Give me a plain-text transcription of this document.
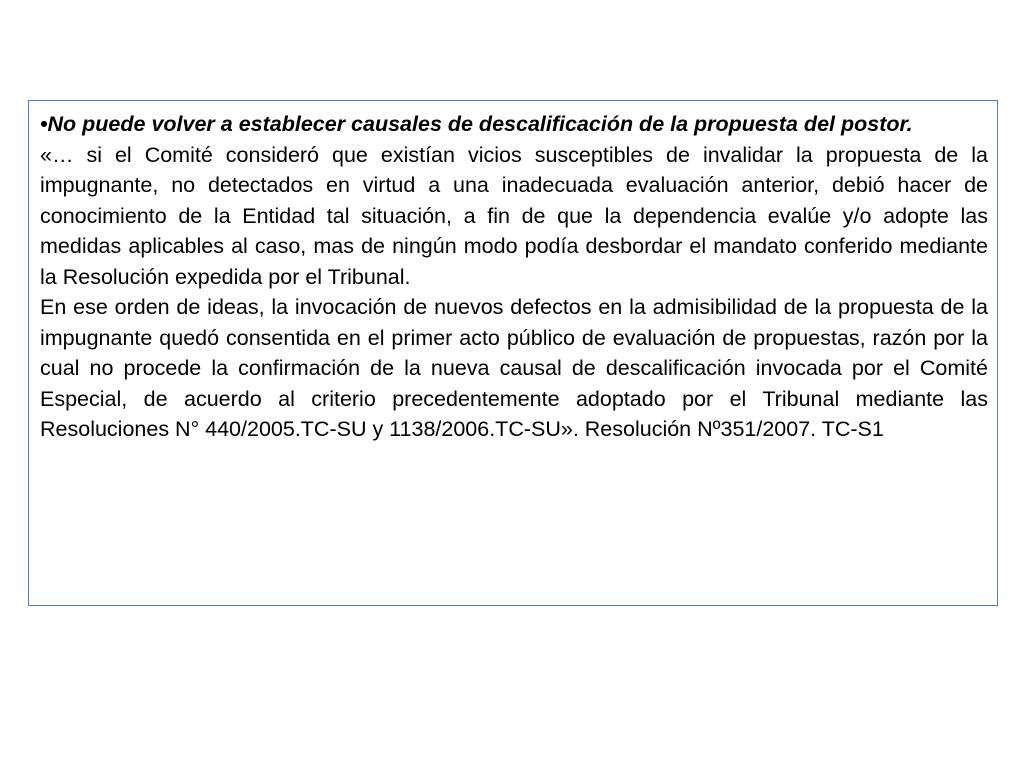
•No puede volver a establecer causales de descalificación de la propuesta del postor.

«… si el Comité consideró que existían vicios susceptibles de invalidar la propuesta de la impugnante, no detectados en virtud a una inadecuada evaluación anterior, debió hacer de conocimiento de la Entidad tal situación, a fin de que la dependencia evalúe y/o adopte las medidas aplicables al caso, mas de ningún modo podía desbordar el mandato conferido mediante la Resolución expedida por el Tribunal.

En ese orden de ideas, la invocación de nuevos defectos en la admisibilidad de la propuesta de la impugnante quedó consentida en el primer acto público de evaluación de propuestas, razón por la cual no procede la confirmación de la nueva causal de descalificación invocada por el Comité Especial, de acuerdo al criterio precedentemente adoptado por el Tribunal mediante las Resoluciones N° 440/2005.TC-SU y 1138/2006.TC-SU». Resolución Nº351/2007. TC-S1
